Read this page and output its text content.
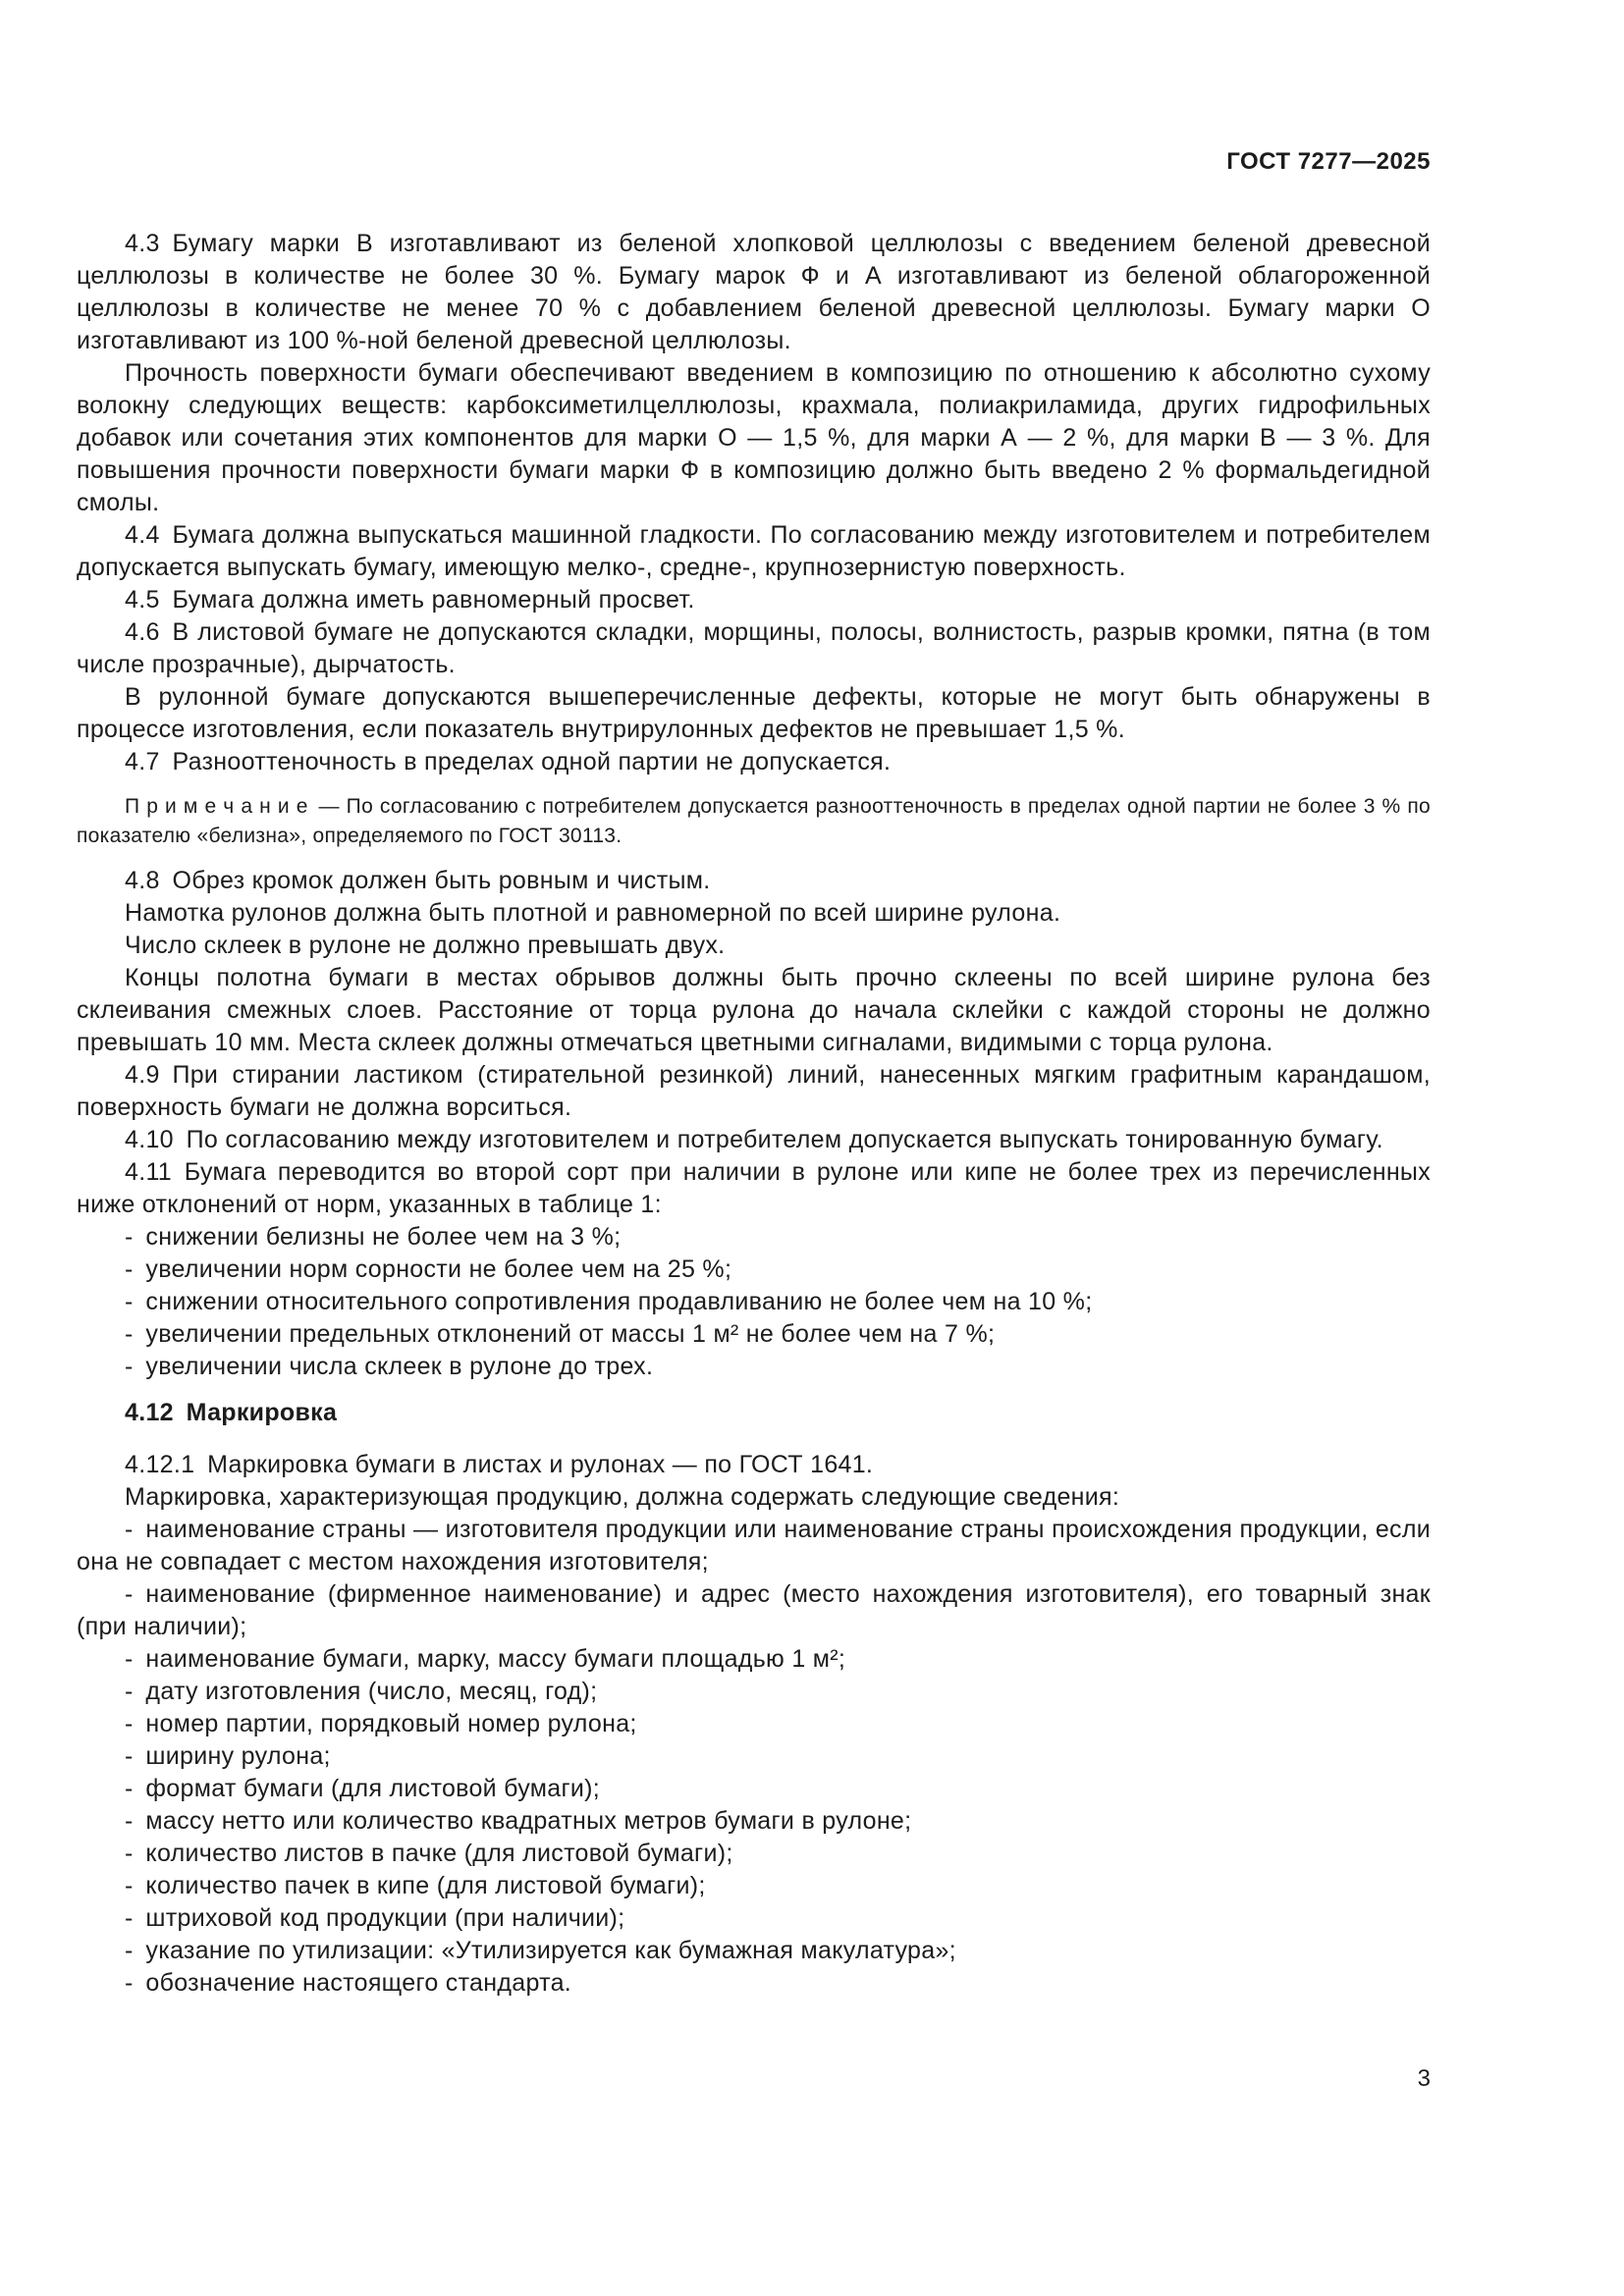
ГОСТ 7277—2025

4.3 Бумагу марки В изготавливают из беленой хлопковой целлюлозы с введением беленой древесной целлюлозы в количестве не более 30 %. Бумагу марок Ф и А изготавливают из беленой облагороженной целлюлозы в количестве не менее 70 % с добавлением беленой древесной целлюлозы. Бумагу марки О изготавливают из 100 %-ной беленой древесной целлюлозы.

Прочность поверхности бумаги обеспечивают введением в композицию по отношению к абсолютно сухому волокну следующих веществ: карбоксиметилцеллюлозы, крахмала, полиакриламида, других гидрофильных добавок или сочетания этих компонентов для марки О — 1,5 %, для марки А — 2 %, для марки В — 3 %. Для повышения прочности поверхности бумаги марки Ф в композицию должно быть введено 2 % формальдегидной смолы.

4.4 Бумага должна выпускаться машинной гладкости. По согласованию между изготовителем и потребителем допускается выпускать бумагу, имеющую мелко-, средне-, крупнозернистую поверхность.

4.5 Бумага должна иметь равномерный просвет.

4.6 В листовой бумаге не допускаются складки, морщины, полосы, волнистость, разрыв кромки, пятна (в том числе прозрачные), дырчатость.

В рулонной бумаге допускаются вышеперечисленные дефекты, которые не могут быть обнаружены в процессе изготовления, если показатель внутрирулонных дефектов не превышает 1,5 %.

4.7 Разнооттеночность в пределах одной партии не допускается.

П р и м е ч а н и е — По согласованию с потребителем допускается разнооттеночность в пределах одной партии не более 3 % по показателю «белизна», определяемого по ГОСТ 30113.

4.8 Обрез кромок должен быть ровным и чистым.

Намотка рулонов должна быть плотной и равномерной по всей ширине рулона.

Число склеек в рулоне не должно превышать двух.

Концы полотна бумаги в местах обрывов должны быть прочно склеены по всей ширине рулона без склеивания смежных слоев. Расстояние от торца рулона до начала склейки с каждой стороны не должно превышать 10 мм. Места склеек должны отмечаться цветными сигналами, видимыми с торца рулона.

4.9 При стирании ластиком (стирательной резинкой) линий, нанесенных мягким графитным карандашом, поверхность бумаги не должна ворситься.

4.10 По согласованию между изготовителем и потребителем допускается выпускать тонированную бумагу.

4.11 Бумага переводится во второй сорт при наличии в рулоне или кипе не более трех из перечисленных ниже отклонений от норм, указанных в таблице 1:

- снижении белизны не более чем на 3 %;

- увеличении норм сорности не более чем на 25 %;

- снижении относительного сопротивления продавливанию не более чем на 10 %;

- увеличении предельных отклонений от массы 1 м² не более чем на 7 %;

- увеличении числа склеек в рулоне до трех.

4.12 Маркировка

4.12.1 Маркировка бумаги в листах и рулонах — по ГОСТ 1641.

Маркировка, характеризующая продукцию, должна содержать следующие сведения:

- наименование страны — изготовителя продукции или наименование страны происхождения продукции, если она не совпадает с местом нахождения изготовителя;

- наименование (фирменное наименование) и адрес (место нахождения изготовителя), его товарный знак (при наличии);

- наименование бумаги, марку, массу бумаги площадью 1 м²;

- дату изготовления (число, месяц, год);

- номер партии, порядковый номер рулона;

- ширину рулона;

- формат бумаги (для листовой бумаги);

- массу нетто или количество квадратных метров бумаги в рулоне;

- количество листов в пачке (для листовой бумаги);

- количество пачек в кипе (для листовой бумаги);

- штриховой код продукции (при наличии);

- указание по утилизации: «Утилизируется как бумажная макулатура»;

- обозначение настоящего стандарта.

3
